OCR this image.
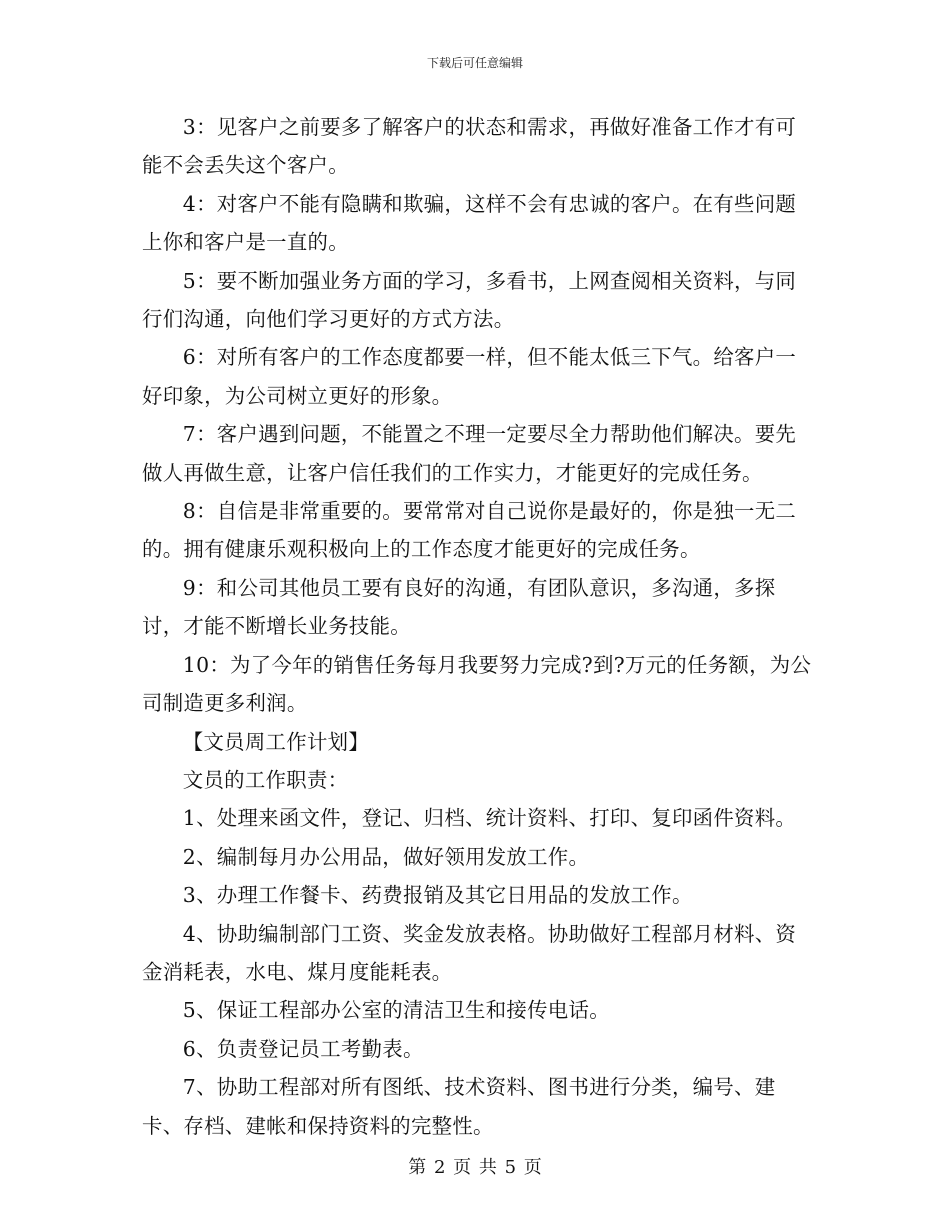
下载后可任意编辑

3：见客户之前要多了解客户的状态和需求，再做好准备工作才有可能不会丢失这个客户。

4：对客户不能有隐瞒和欺骗，这样不会有忠诚的客户。在有些问题上你和客户是一直的。

5：要不断加强业务方面的学习，多看书，上网查阅相关资料，与同行们沟通，向他们学习更好的方式方法。

6：对所有客户的工作态度都要一样，但不能太低三下气。给客户一好印象，为公司树立更好的形象。

7：客户遇到问题，不能置之不理一定要尽全力帮助他们解决。要先做人再做生意，让客户信任我们的工作实力，才能更好的完成任务。

8：自信是非常重要的。要常常对自己说你是最好的，你是独一无二的。拥有健康乐观积极向上的工作态度才能更好的完成任务。

9：和公司其他员工要有良好的沟通，有团队意识，多沟通，多探讨，才能不断增长业务技能。

10：为了今年的销售任务每月我要努力完成?到?万元的任务额，为公司制造更多利润。

【文员周工作计划】

文员的工作职责：

1、处理来函文件，登记、归档、统计资料、打印、复印函件资料。

2、编制每月办公用品，做好领用发放工作。

3、办理工作餐卡、药费报销及其它日用品的发放工作。

4、协助编制部门工资、奖金发放表格。协助做好工程部月材料、资金消耗表，水电、煤月度能耗表。

5、保证工程部办公室的清洁卫生和接传电话。

6、负责登记员工考勤表。

7、协助工程部对所有图纸、技术资料、图书进行分类，编号、建卡、存档、建帐和保持资料的完整性。

第 2 页 共 5 页
